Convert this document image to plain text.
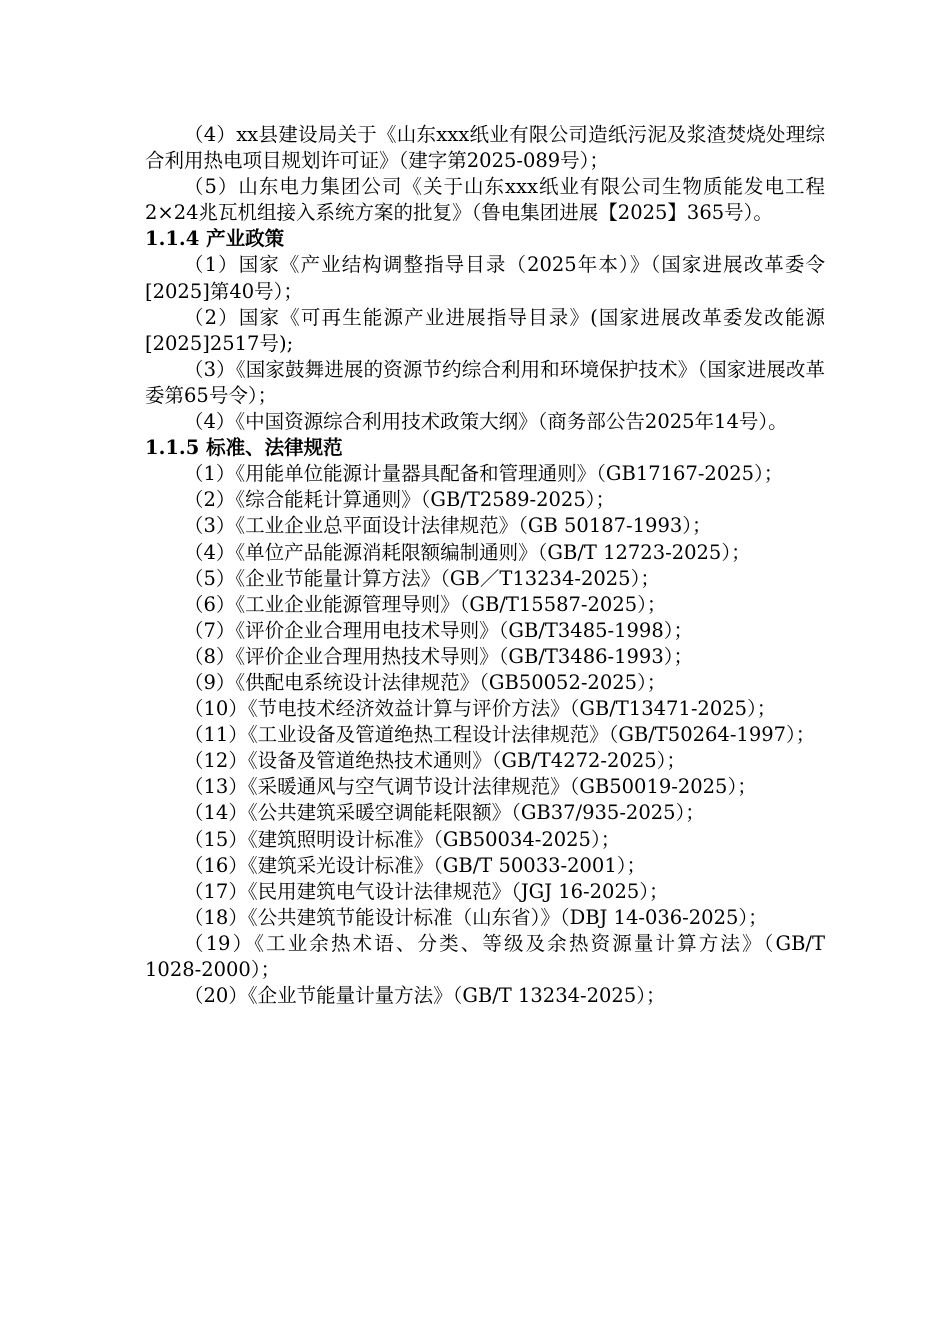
（4）xx县建设局关于《山东xxx纸业有限公司造纸污泥及浆渣焚烧处理综合利用热电项目规划许可证》（建字第2025-089号）；

（5）山东电力集团公司《关于山东xxx纸业有限公司生物质能发电工程2×24兆瓦机组接入系统方案的批复》（鲁电集团进展【2025】365号）。

1.1.4 产业政策

（1）国家《产业结构调整指导目录（2025年本）》（国家进展改革委令[2025]第40号）；

（2）国家《可再生能源产业进展指导目录》(国家进展改革委发改能源[2025]2517号);

（3）《国家鼓舞进展的资源节约综合利用和环境保护技术》（国家进展改革委第65号令）；

（4）《中国资源综合利用技术政策大纲》（商务部公告2025年14号）。

1.1.5 标准、法律规范

（1）《用能单位能源计量器具配备和管理通则》（GB17167-2025）；

（2）《综合能耗计算通则》（GB/T2589-2025）；

（3）《工业企业总平面设计法律规范》（GB 50187-1993）；

（4）《单位产品能源消耗限额编制通则》（GB/T 12723-2025）；

（5）《企业节能量计算方法》（GB／T13234-2025）；

（6）《工业企业能源管理导则》（GB/T15587-2025）；

（7）《评价企业合理用电技术导则》（GB/T3485-1998）；

（8）《评价企业合理用热技术导则》（GB/T3486-1993）；

（9）《供配电系统设计法律规范》（GB50052-2025）；

（10）《节电技术经济效益计算与评价方法》（GB/T13471-2025）；

（11）《工业设备及管道绝热工程设计法律规范》（GB/T50264-1997）；

（12）《设备及管道绝热技术通则》（GB/T4272-2025）；

（13）《采暖通风与空气调节设计法律规范》（GB50019-2025）；

（14）《公共建筑采暖空调能耗限额》（GB37/935-2025）；

（15）《建筑照明设计标准》（GB50034-2025）；

（16）《建筑采光设计标准》（GB/T 50033-2001）；

（17）《民用建筑电气设计法律规范》（JGJ 16-2025）；

（18）《公共建筑节能设计标准（山东省）》（DBJ 14-036-2025）；

（19）《工业余热术语、分类、等级及余热资源量计算方法》（GB/T 1028-2000）；

（20）《企业节能量计量方法》（GB/T 13234-2025）；
